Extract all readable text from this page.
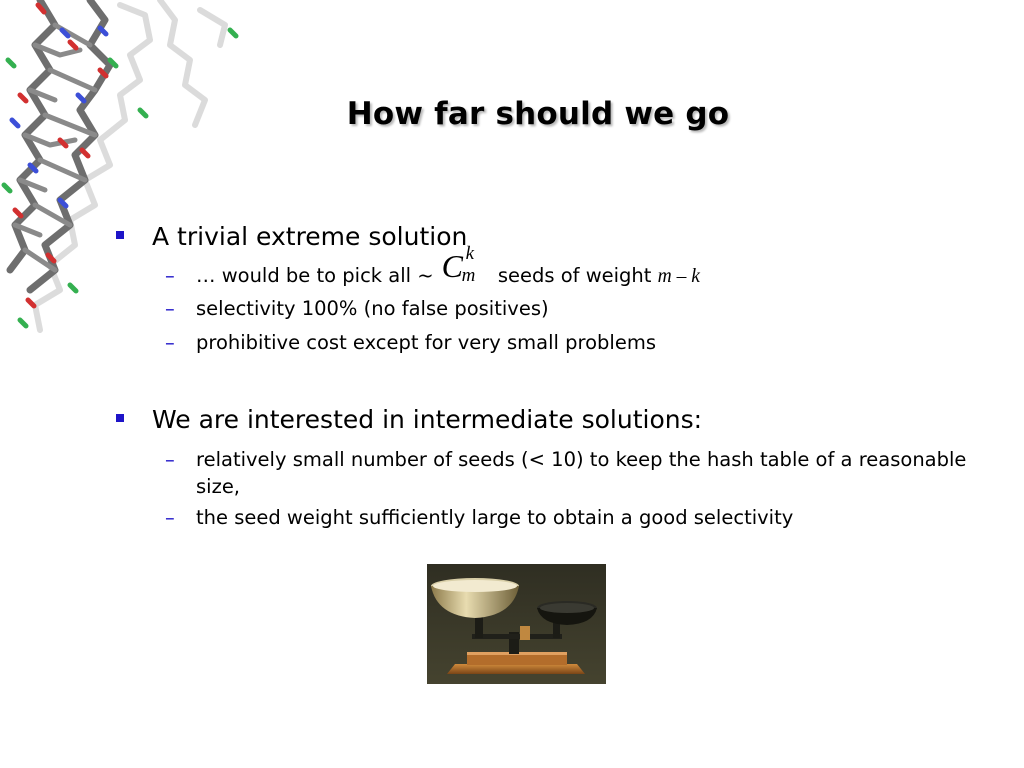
How far should we go
A trivial extreme solution
– … would be to pick all ~ C k
m seeds of weight m – k
– selectivity 100% (no false positives)
– prohibitive cost except for very small problems
We are interested in intermediate solutions:
– relatively small number of seeds (< 10) to keep the hash table of a reasonable size,
– the seed weight sufficiently large to obtain a good selectivity
